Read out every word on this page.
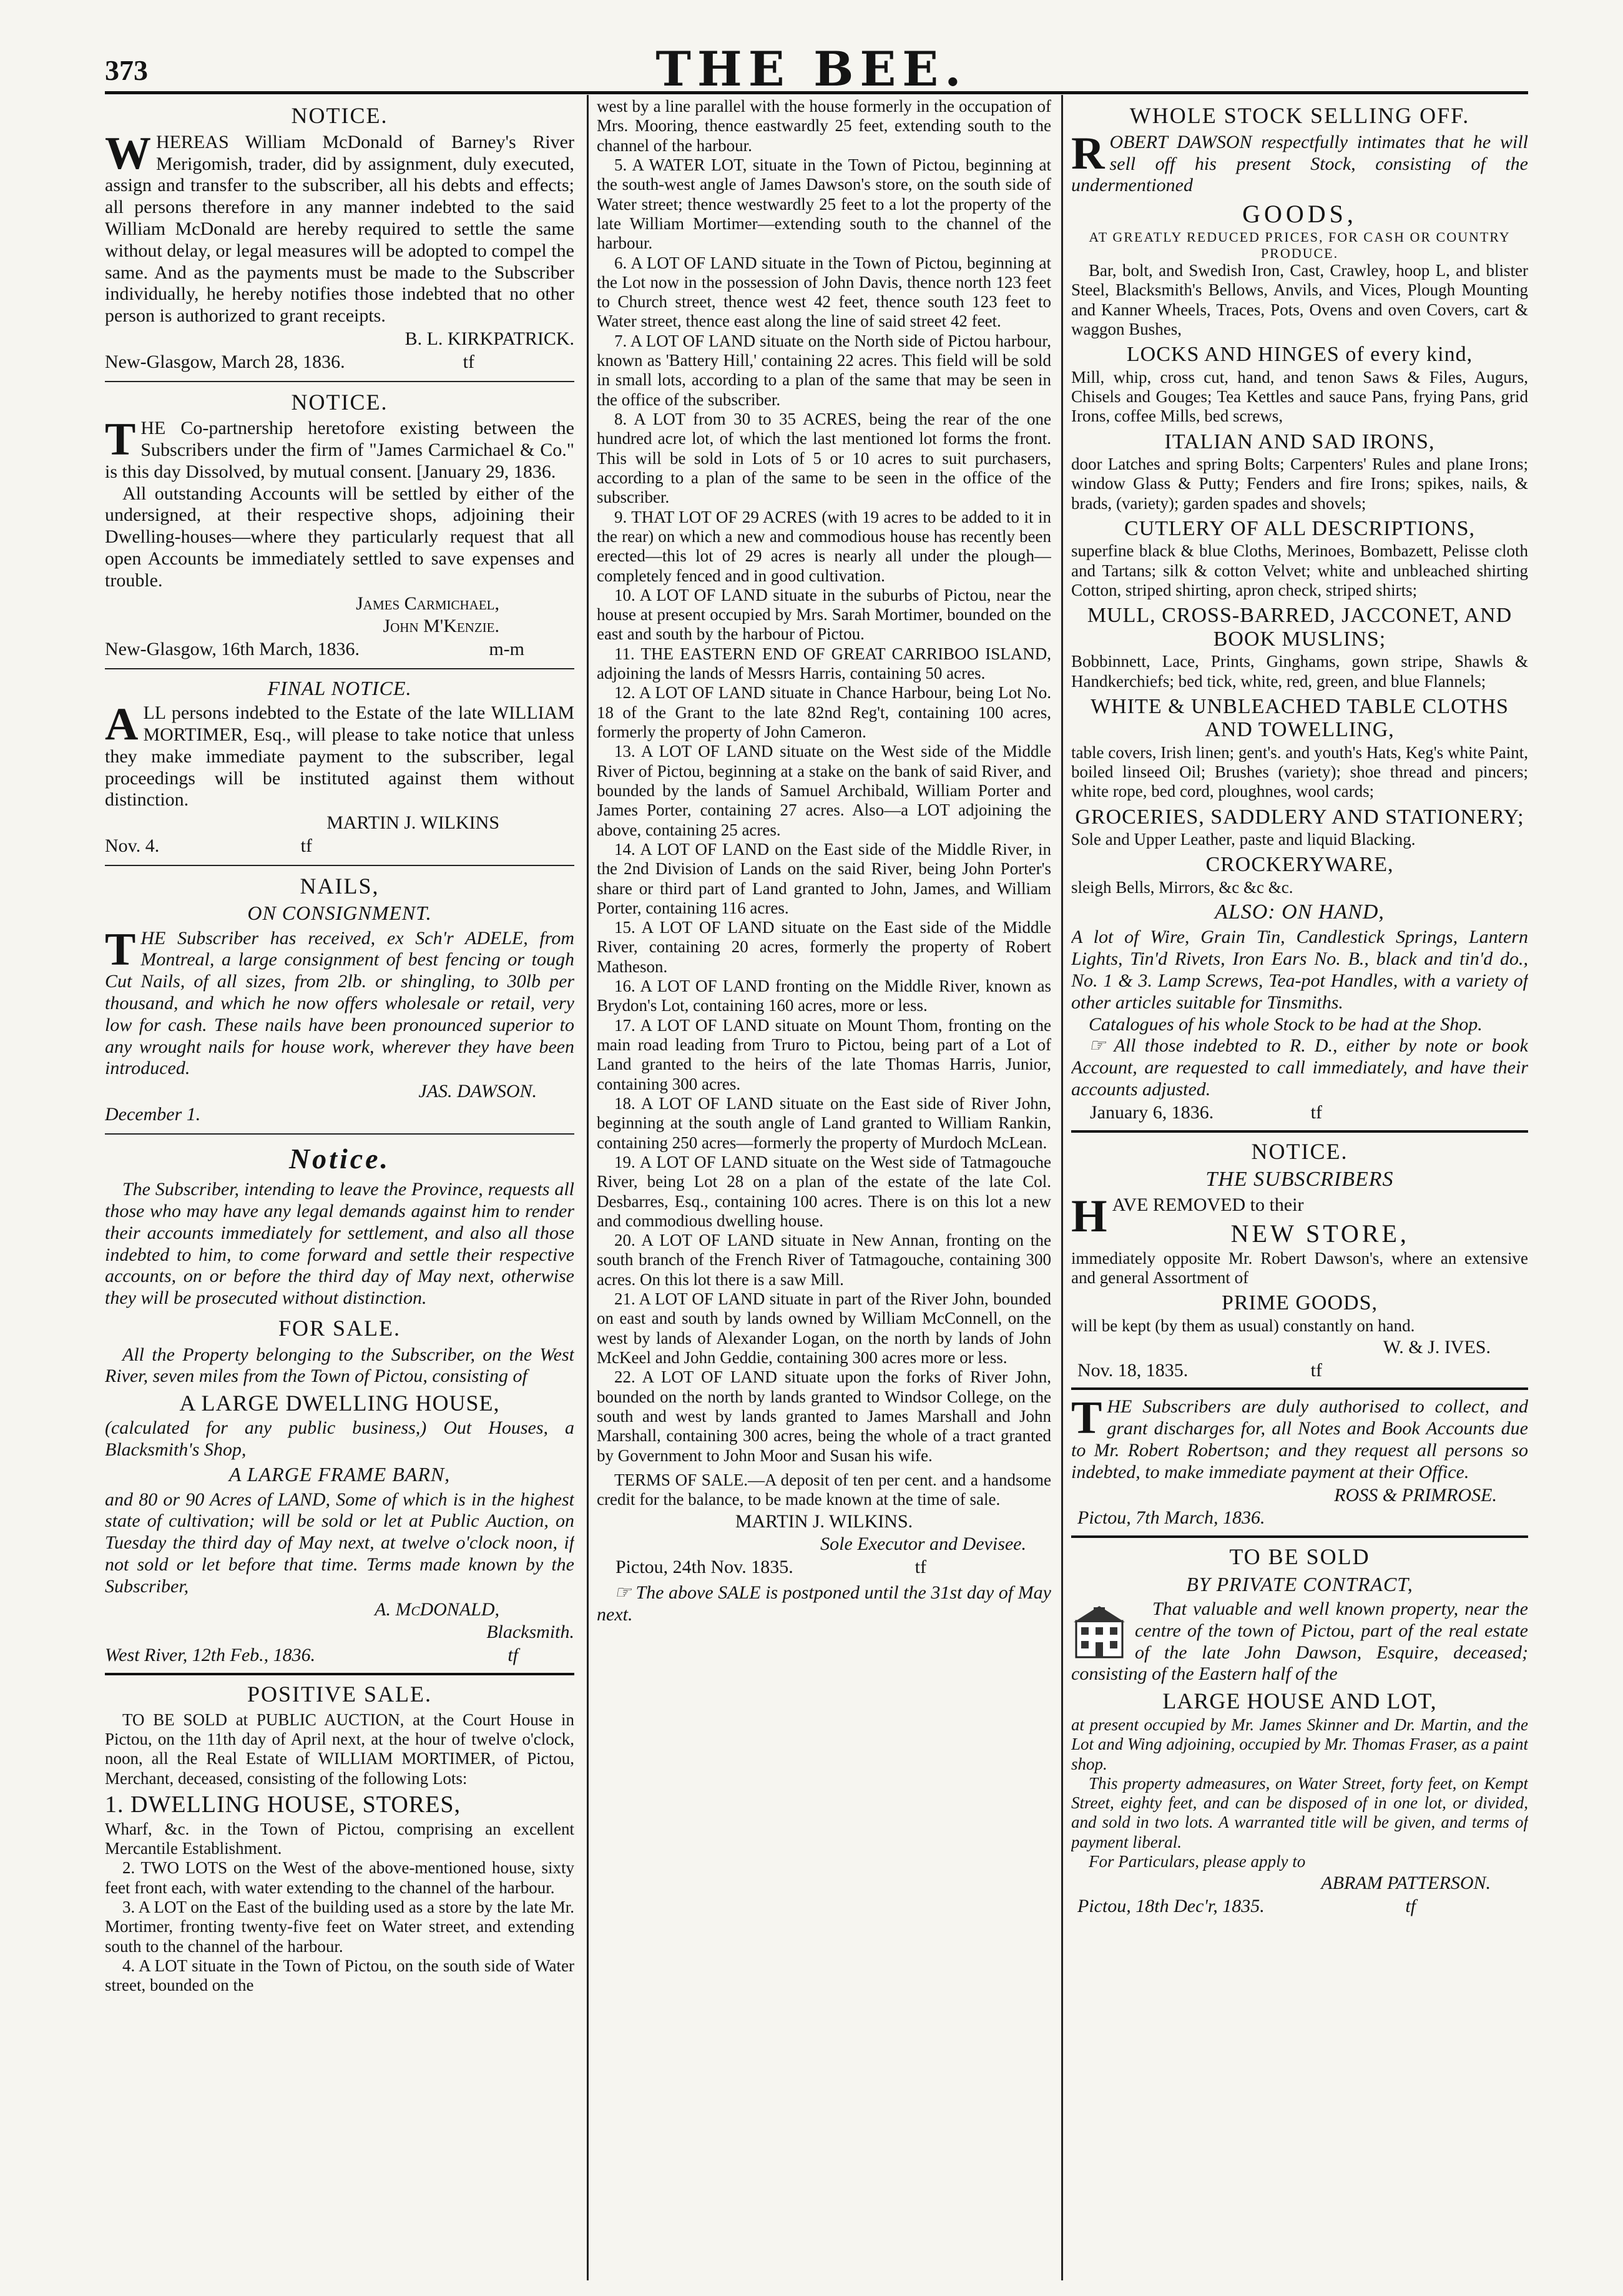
373	THE BEE.
NOTICE.

WHEREAS William McDonald of Barney's River Merigomish, trader, did by assignment, duly executed, assign and transfer to the subscriber, all his debts and effects; all persons therefore in any manner indebted to the said William McDonald are hereby required to settle the same without delay, or legal measures will be adopted to compel the same. And as the payments must be made to the Subscriber individually, he hereby notifies those indebted that no other person is authorized to grant receipts.

B. L. KIRKPATRICK.
New-Glasgow, March 28, 1836.	tf
NOTICE.

THE Co-partnership heretofore existing between the Subscribers under the firm of "James Carmichael & Co." is this day Dissolved, by mutual consent. [January 29, 1836.

All outstanding Accounts will be settled by either of the undersigned, at their respective shops, adjoining their Dwelling-houses—where they particularly request that all open Accounts be immediately settled to save expenses and trouble.

James Carmichael,
John M'Kenzie.
New-Glasgow, 16th March, 1836.	m-m
FINAL NOTICE.

ALL persons indebted to the Estate of the late WILLIAM MORTIMER, Esq., will please to take notice that unless they make immediate payment to the subscriber, legal proceedings will be instituted against them without distinction.

MARTIN J. WILKINS
Nov. 4.	tf
NAILS,
ON CONSIGNMENT.

THE Subscriber has received, ex Sch'r ADELE, from Montreal, a large consignment of best fencing or tough Cut Nails, of all sizes, from 2lb. or shingling, to 30lb per thousand, and which he now offers wholesale or retail, very low for cash. These nails have been pronounced superior to any wrought nails for house work, wherever they have been introduced.

JAS. DAWSON.
December 1.
Notice.

The Subscriber, intending to leave the Province, requests all those who may have any legal demands against him to render their accounts immediately for settlement, and also all those indebted to him, to come forward and settle their respective accounts, on or before the third day of May next, otherwise they will be prosecuted without distinction.

FOR SALE.

All the Property belonging to the Subscriber, on the West River, seven miles from the Town of Pictou, consisting of

A LARGE DWELLING HOUSE,

(calculated for any public business,) Out Houses, a Blacksmith's Shop,

A LARGE FRAME BARN,

and 80 or 90 Acres of LAND, Some of which is in the highest state of cultivation; will be sold or let at Public Auction, on Tuesday the third day of May next, at twelve o'clock noon, if not sold or let before that time. Terms made known by the Subscriber,

A. McDONALD,
Blacksmith.
West River, 12th Feb., 1836.	tf
POSITIVE SALE.

TO BE SOLD at PUBLIC AUCTION, at the Court House in Pictou, on the 11th day of April next, at the hour of twelve o'clock, noon, all the Real Estate of WILLIAM MORTIMER, of Pictou, Merchant, deceased, consisting of the following Lots:

1. DWELLING HOUSE, STORES,

Wharf, &c. in the Town of Pictou, comprising an excellent Mercantile Establishment.

2. TWO LOTS on the West of the above-mentioned house, sixty feet front each, with water extending to the channel of the harbour.

3. A LOT on the East of the building used as a store by the late Mr. Mortimer, fronting twenty-five feet on Water street, and extending south to the channel of the harbour.

4. A LOT situate in the Town of Pictou, on the south side of Water street, bounded on the

west by a line parallel with the house formerly in the occupation of Mrs. Mooring, thence eastwardly 25 feet, extending south to the channel of the harbour.

5. A WATER LOT, situate in the Town of Pictou, beginning at the south-west angle of James Dawson's store, on the south side of Water street; thence westwardly 25 feet to a lot the property of the late William Mortimer—extending south to the channel of the harbour.

6. A LOT OF LAND situate in the Town of Pictou, beginning at the Lot now in the possession of John Davis, thence north 123 feet to Church street, thence west 42 feet, thence south 123 feet to Water street, thence east along the line of said street 42 feet.

7. A LOT OF LAND situate on the North side of Pictou harbour, known as 'Battery Hill,' containing 22 acres. This field will be sold in small lots, according to a plan of the same that may be seen in the office of the subscriber.

8. A LOT from 30 to 35 ACRES, being the rear of the one hundred acre lot, of which the last mentioned lot forms the front. This will be sold in Lots of 5 or 10 acres to suit purchasers, according to a plan of the same to be seen in the office of the subscriber.

9. THAT LOT OF 29 ACRES (with 19 acres to be added to it in the rear) on which a new and commodious house has recently been erected—this lot of 29 acres is nearly all under the plough—completely fenced and in good cultivation.

10. A LOT OF LAND situate in the suburbs of Pictou, near the house at present occupied by Mrs. Sarah Mortimer, bounded on the east and south by the harbour of Pictou.

11. THE EASTERN END OF GREAT CARRIBOO ISLAND, adjoining the lands of Messrs Harris, containing 50 acres.

12. A LOT OF LAND situate in Chance Harbour, being Lot No. 18 of the Grant to the late 82nd Reg't, containing 100 acres, formerly the property of John Cameron.

13. A LOT OF LAND situate on the West side of the Middle River of Pictou, beginning at a stake on the bank of said River, and bounded by the lands of Samuel Archibald, William Porter and James Porter, containing 27 acres. Also—a LOT adjoining the above, containing 25 acres.

14. A LOT OF LAND on the East side of the Middle River, in the 2nd Division of Lands on the said River, being John Porter's share or third part of Land granted to John, James, and William Porter, containing 116 acres.

15. A LOT OF LAND situate on the East side of the Middle River, containing 20 acres, formerly the property of Robert Matheson.

16. A LOT OF LAND fronting on the Middle River, known as Brydon's Lot, containing 160 acres, more or less.

17. A LOT OF LAND situate on Mount Thom, fronting on the main road leading from Truro to Pictou, being part of a Lot of Land granted to the heirs of the late Thomas Harris, Junior, containing 300 acres.

18. A LOT OF LAND situate on the East side of River John, beginning at the south angle of Land granted to William Rankin, containing 250 acres—formerly the property of Murdoch McLean.

19. A LOT OF LAND situate on the West side of Tatmagouche River, being Lot 28 on a plan of the estate of the late Col. Desbarres, Esq., containing 100 acres. There is on this lot a new and commodious dwelling house.

20. A LOT OF LAND situate in New Annan, fronting on the south branch of the French River of Tatmagouche, containing 300 acres. On this lot there is a saw Mill.

21. A LOT OF LAND situate in part of the River John, bounded on east and south by lands owned by William McConnell, on the west by lands of Alexander Logan, on the north by lands of John McKeel and John Geddie, containing 300 acres more or less.

22. A LOT OF LAND situate upon the forks of River John, bounded on the north by lands granted to Windsor College, on the south and west by lands granted to James Marshall and John Marshall, containing 300 acres, being the whole of a tract granted by Government to John Moor and Susan his wife.

TERMS OF SALE.—A deposit of ten per cent. and a handsome credit for the balance, to be made known at the time of sale.

MARTIN J. WILKINS.
Sole Executor and Devisee.
Pictou, 24th Nov. 1835.	tf

☞ The above SALE is postponed until the 31st day of May next.

WHOLE STOCK SELLING OFF.

ROBERT DAWSON respectfully intimates that he will sell off his present Stock, consisting of the undermentioned

GOODS,
AT GREATLY REDUCED PRICES, FOR CASH OR COUNTRY PRODUCE.

Bar, bolt, and Swedish Iron, Cast, Crawley, hoop L, and blister Steel, Blacksmith's Bellows, Anvils, and Vices, Plough Mounting and Kanner Wheels, Traces, Pots, Ovens and oven Covers, cart & waggon Bushes,

LOCKS AND HINGES of every kind,

Mill, whip, cross cut, hand, and tenon Saws & Files, Augurs, Chisels and Gouges; Tea Kettles and sauce Pans, frying Pans, grid Irons, coffee Mills, bed screws,

ITALIAN AND SAD IRONS,

door Latches and spring Bolts; Carpenters' Rules and plane Irons; window Glass & Putty; Fenders and fire Irons; spikes, nails, & brads, (variety); garden spades and shovels;

CUTLERY OF ALL DESCRIPTIONS,

superfine black & blue Cloths, Merinoes, Bombazett, Pelisse cloth and Tartans; silk & cotton Velvet; white and unbleached shirting Cotton, striped shirting, apron check, striped shirts;

MULL, CROSS-BARRED, JACCONET, AND BOOK MUSLINS;

Bobbinnett, Lace, Prints, Ginghams, gown stripe, Shawls & Handkerchiefs; bed tick, white, red, green, and blue Flannels;

WHITE & UNBLEACHED TABLE CLOTHS AND TOWELLING,

table covers, Irish linen; gent's. and youth's Hats, Keg's white Paint, boiled linseed Oil; Brushes (variety); shoe thread and pincers; white rope, bed cord, ploughnes, wool cards;

GROCERIES, SADDLERY AND STATIONERY;

Sole and Upper Leather, paste and liquid Blacking.

CROCKERYWARE,

sleigh Bells, Mirrors, &c &c &c.

ALSO: ON HAND,

A lot of Wire, Grain Tin, Candlestick Springs, Lantern Lights, Tin'd Rivets, Iron Ears No. B., black and tin'd do., No. 1 & 3. Lamp Screws, Tea-pot Handles, with a variety of other articles suitable for Tinsmiths.

Catalogues of his whole Stock to be had at the Shop.

☞ All those indebted to R. D., either by note or book Account, are requested to call immediately, and have their accounts adjusted.

January 6, 1836.	tf
NOTICE.
THE SUBSCRIBERS

HAVE REMOVED to their

NEW STORE,

immediately opposite Mr. Robert Dawson's, where an extensive and general Assortment of

PRIME GOODS,

will be kept (by them as usual) constantly on hand.

W. & J. IVES.
Nov. 18, 1835.	tf

THE Subscribers are duly authorised to collect, and grant discharges for, all Notes and Book Accounts due to Mr. Robert Robertson; and they request all persons so indebted, to make immediate payment at their Office.

ROSS & PRIMROSE.
Pictou, 7th March, 1836.
TO BE SOLD
BY PRIVATE CONTRACT,

That valuable and well known property, near the centre of the town of Pictou, part of the real estate of the late John Dawson, Esquire, deceased; consisting of the Eastern half of the

LARGE HOUSE AND LOT,

at present occupied by Mr. James Skinner and Dr. Martin, and the Lot and Wing adjoining, occupied by Mr. Thomas Fraser, as a paint shop.

This property admeasures, on Water Street, forty feet, on Kempt Street, eighty feet, and can be disposed of in one lot, or divided, and sold in two lots. A warranted title will be given, and terms of payment liberal.

For Particulars, please apply to

ABRAM PATTERSON.
Pictou, 18th Dec'r, 1835.	tf
